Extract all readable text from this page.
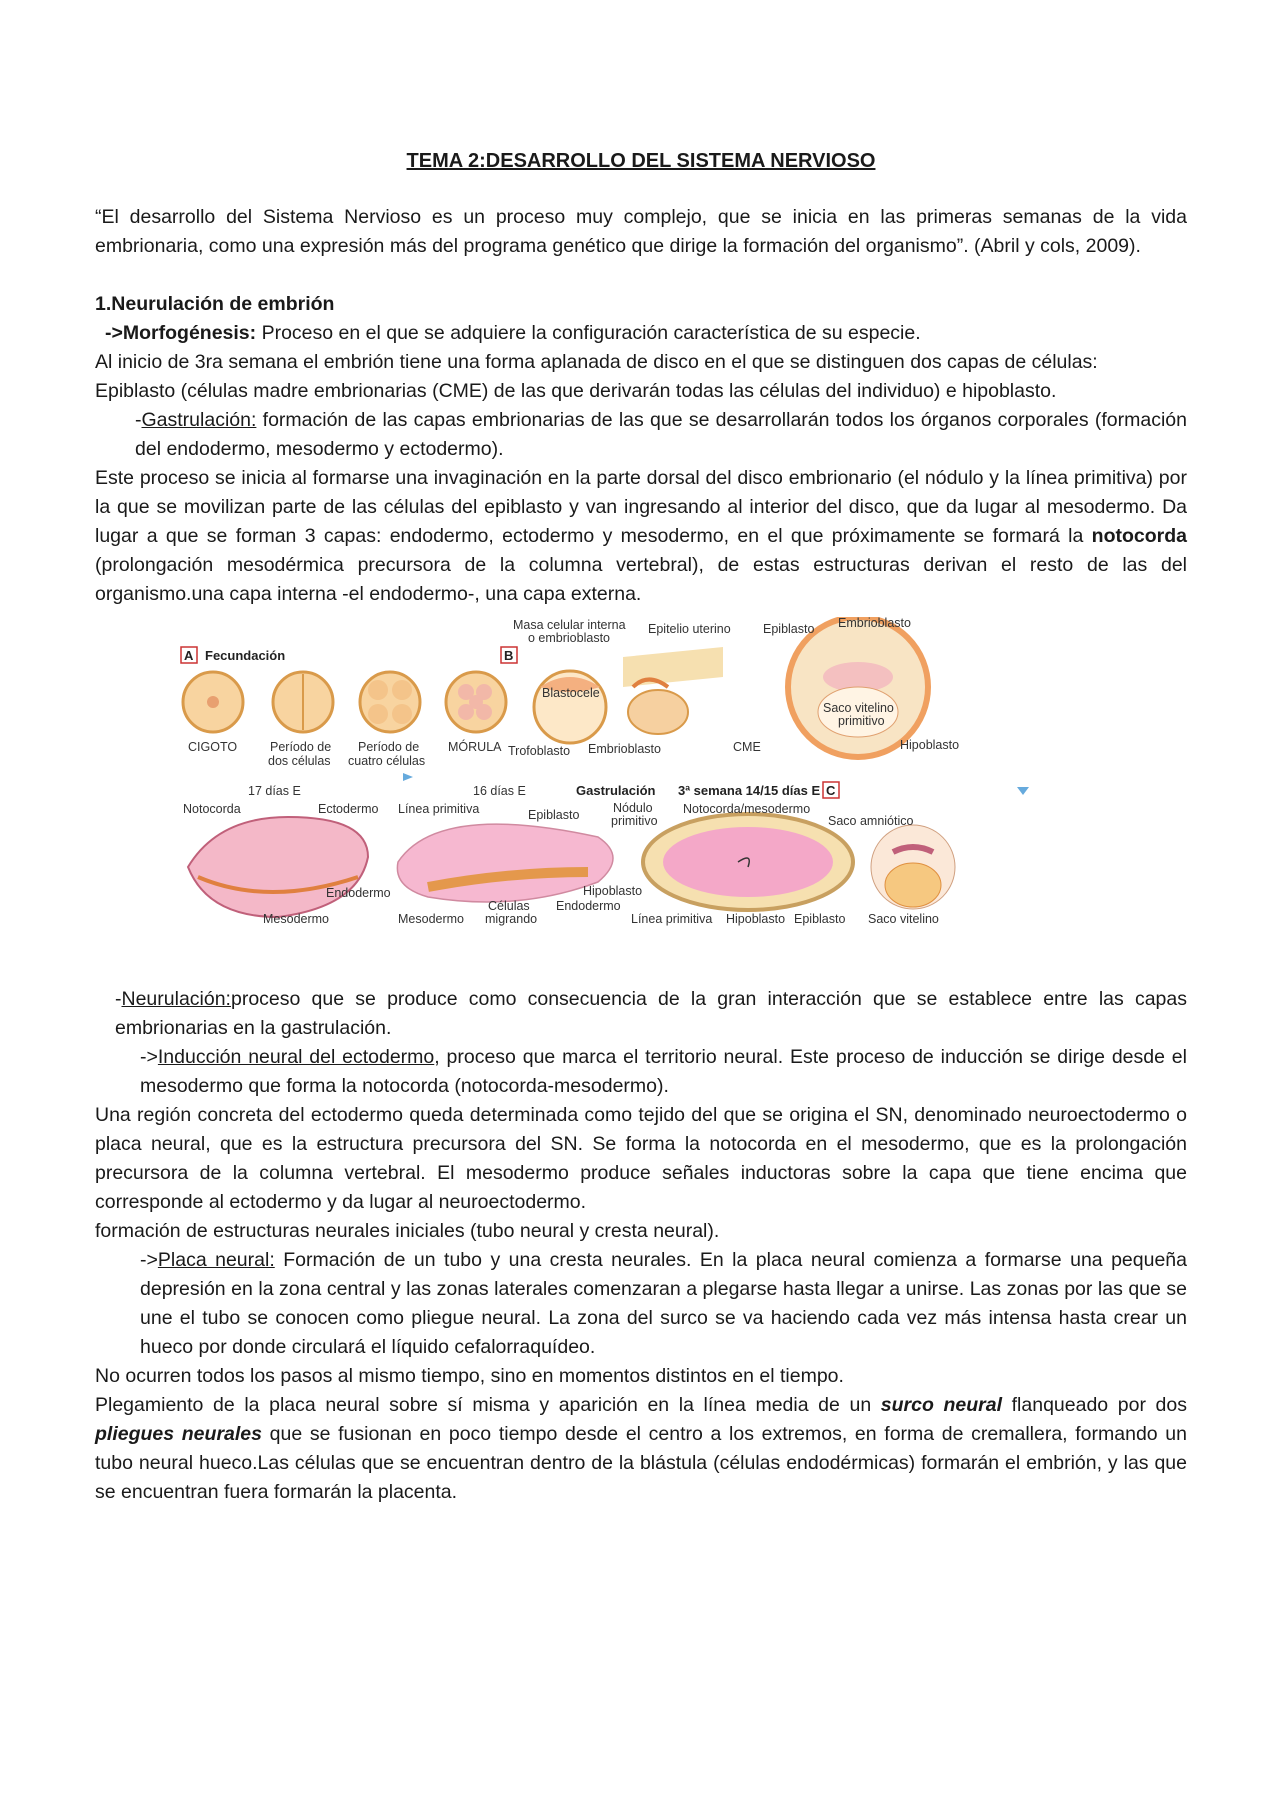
TEMA 2:DESARROLLO DEL SISTEMA NERVIOSO

“El desarrollo del Sistema Nervioso es un proceso muy complejo, que se inicia en las primeras semanas de la vida embrionaria, como una expresión más del programa genético que dirige la formación del organismo”. (Abril y cols, 2009).

1.Neurulación de embrión

->Morfogénesis: Proceso en el que se adquiere la configuración característica de su especie.

Al inicio de 3ra semana el embrión tiene una forma aplanada de disco en el que se distinguen dos capas de células:

Epiblasto (células madre embrionarias (CME) de las que derivarán todas las células del individuo) e hipoblasto.

-Gastrulación: formación de las capas embrionarias de las que se desarrollarán todos los órganos corporales (formación del endodermo, mesodermo y ectodermo).

Este proceso se inicia al formarse una invaginación en la parte dorsal del disco embrionario (el nódulo y la línea primitiva) por la que se movilizan parte de las células del epiblasto y van ingresando al interior del disco, que da lugar al mesodermo. Da lugar a que se forman 3 capas: endodermo, ectodermo y mesodermo, en el que próximamente se formará la notocorda (prolongación mesodérmica precursora de la columna vertebral), de estas estructuras derivan el resto de las del organismo.una capa interna -el endodermo-, una capa externa.

A Fecundación
CIGOTO	Período de
dos células
Período de
cuatro células
MÓRULA
B
Masa celular interna
o embrioblasto
Blastocele
Trofoblasto Embrioblasto
Epitelio uterino	Embrioblasto
Epiblasto
CME
Saco vitelino
primitivo
Hipoblasto
17 días E	16 días E	Gastrulación 3ª semana 14/15 días E C
Notocorda	Ectodermo
Endodermo
Mesodermo
Línea primitiva	Epiblasto	Nódulo
primitivo
Hipoblasto
Células
migrando
Endodermo
Mesodermo
Notocorda/mesodermo
Línea primitiva Hipoblasto Epiblasto
Saco amniótico
Saco vitelino

-Neurulación:proceso que se produce como consecuencia de la gran interacción que se establece entre las capas embrionarias en la gastrulación.

->Inducción neural del ectodermo, proceso que marca el territorio neural. Este proceso de inducción se dirige desde el mesodermo que forma la notocorda (notocorda-mesodermo).

Una región concreta del ectodermo queda determinada como tejido del que se origina el SN, denominado neuroectodermo o placa neural, que es la estructura precursora del SN. Se forma la notocorda en el mesodermo, que es la prolongación precursora de la columna vertebral. El mesodermo produce señales inductoras sobre la capa que tiene encima que corresponde al ectodermo y da lugar al neuroectodermo.

formación de estructuras neurales iniciales (tubo neural y cresta neural).

->Placa neural: Formación de un tubo y una cresta neurales. En la placa neural comienza a formarse una pequeña depresión en la zona central y las zonas laterales comenzaran a plegarse hasta llegar a unirse. Las zonas por las que se une el tubo se conocen como pliegue neural. La zona del surco se va haciendo cada vez más intensa hasta crear un hueco por donde circulará el líquido cefalorraquídeo.

No ocurren todos los pasos al mismo tiempo, sino en momentos distintos en el tiempo.

Plegamiento de la placa neural sobre sí misma y aparición en la línea media de un surco neural flanqueado por dos pliegues neurales que se fusionan en poco tiempo desde el centro a los extremos, en forma de cremallera, formando un tubo neural hueco.Las células que se encuentran dentro de la blástula (células endodérmicas) formarán el embrión, y las que se encuentran fuera formarán la placenta.
